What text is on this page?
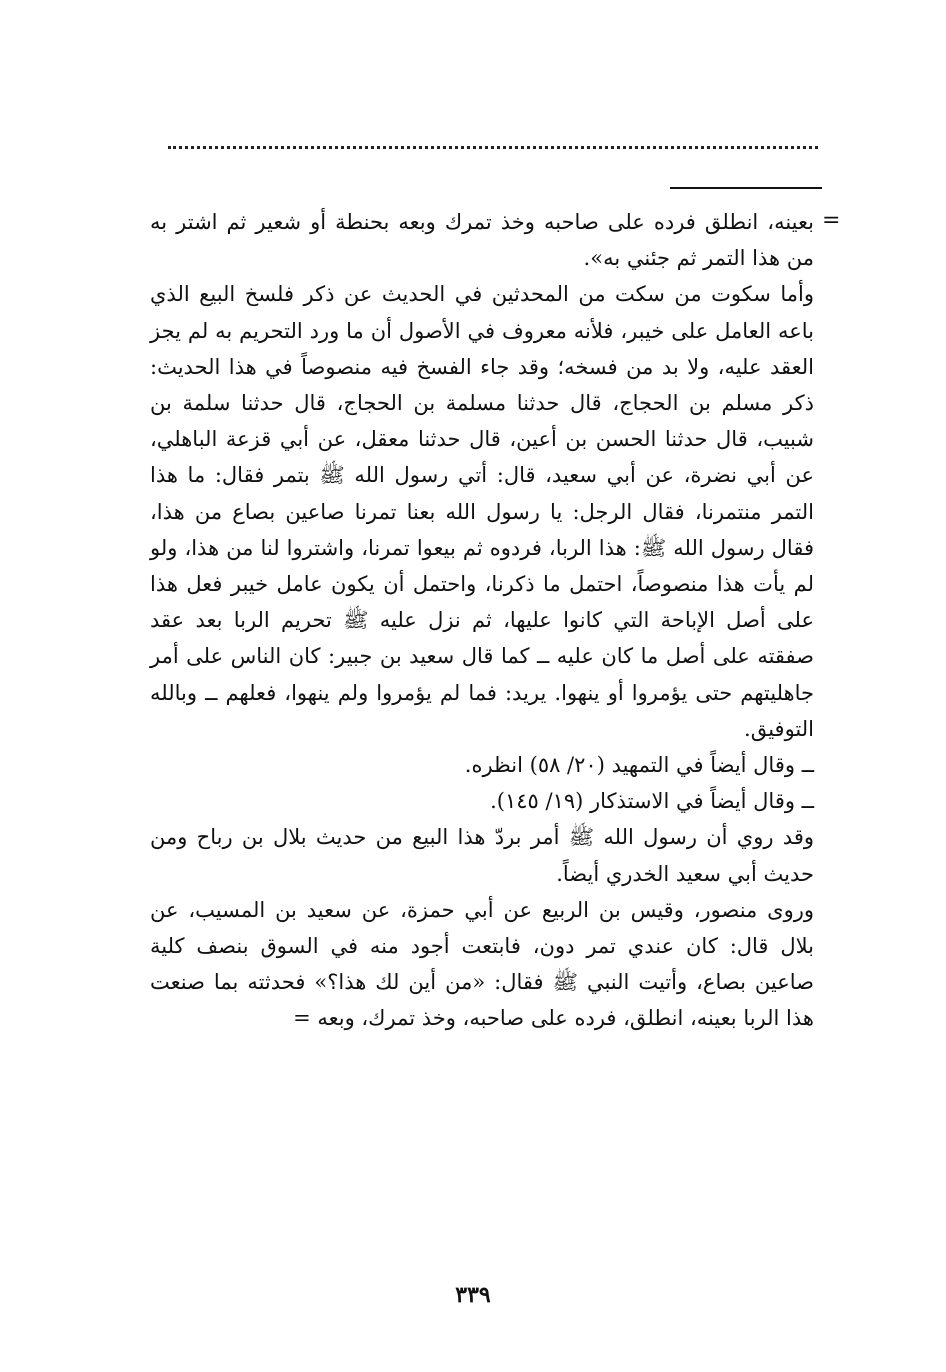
=

بعينه، انطلق فرده على صاحبه وخذ تمرك وبعه بحنطة أو شعير ثم اشتر به من هذا التمر ثم جئني به».

وأما سكوت من سكت من المحدثين في الحديث عن ذكر فلسخ البيع الذي باعه العامل على خيبر، فلأنه معروف في الأصول أن ما ورد التحريم به لم يجز العقد عليه، ولا بد من فسخه؛ وقد جاء الفسخ فيه منصوصاً في هذا الحديث: ذكر مسلم بن الحجاج، قال حدثنا مسلمة بن الحجاج، قال حدثنا سلمة بن شبيب، قال حدثنا الحسن بن أعين، قال حدثنا معقل، عن أبي قزعة الباهلي، عن أبي نضرة، عن أبي سعيد، قال: أتي رسول الله ﷺ بتمر فقال: ما هذا التمر منتمرنا، فقال الرجل: يا رسول الله بعنا تمرنا صاعين بصاع من هذا، فقال رسول الله ﷺ: هذا الربا، فردوه ثم بيعوا تمرنا، واشتروا لنا من هذا، ولو لم يأت هذا منصوصاً، احتمل ما ذكرنا، واحتمل أن يكون عامل خيبر فعل هذا على أصل الإباحة التي كانوا عليها، ثم نزل عليه ﷺ تحريم الربا بعد عقد صفقته على أصل ما كان عليه ــ كما قال سعيد بن جبير: كان الناس على أمر جاهليتهم حتى يؤمروا أو ينهوا. يريد: فما لم يؤمروا ولم ينهوا، فعلهم ــ وبالله التوفيق.

ــ وقال أيضاً في التمهيد (٢٠/ ٥٨) انظره.

ــ وقال أيضاً في الاستذكار (١٩/ ١٤٥).

وقد روي أن رسول الله ﷺ أمر بردّ هذا البيع من حديث بلال بن رباح ومن حديث أبي سعيد الخدري أيضاً.

وروى منصور، وقيس بن الربيع عن أبي حمزة، عن سعيد بن المسيب، عن بلال قال: كان عندي تمر دون، فابتعت أجود منه في السوق بنصف كلية صاعين بصاع، وأتيت النبي ﷺ فقال: «من أين لك هذا؟» فحدثته بما صنعت هذا الربا بعينه، انطلق، فرده على صاحبه، وخذ تمرك، وبعه =

٣٣٩
